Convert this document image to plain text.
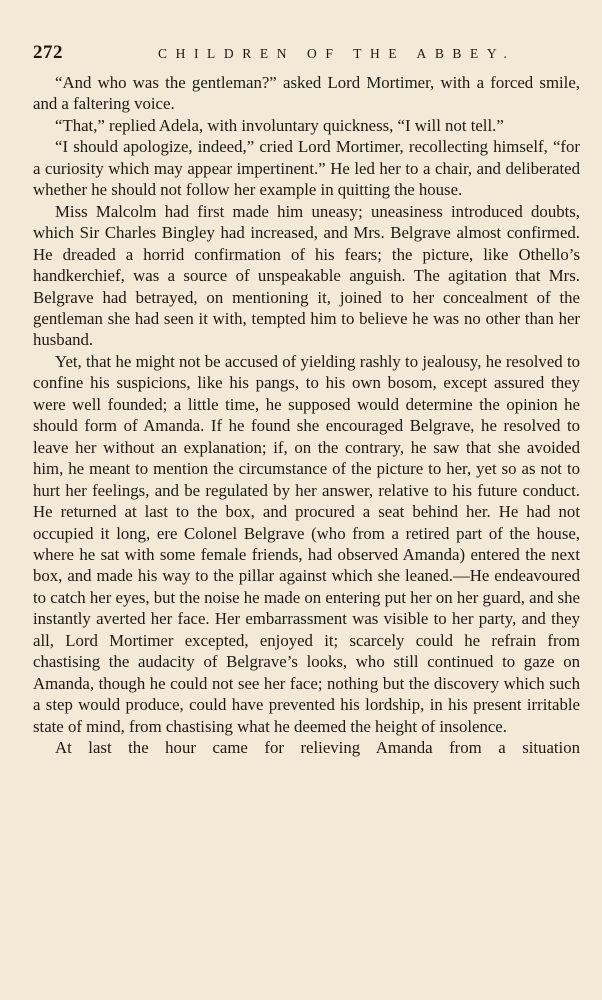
272	CHILDREN OF THE ABBEY.

“And who was the gentleman?” asked Lord Mortimer, with a forced smile, and a faltering voice.

“That,” replied Adela, with involuntary quickness, “I will not tell.”

“I should apologize, indeed,” cried Lord Mortimer, recollecting himself, “for a curiosity which may appear impertinent.” He led her to a chair, and deliberated whether he should not follow her example in quitting the house.

Miss Malcolm had first made him uneasy; uneasiness introduced doubts, which Sir Charles Bingley had increased, and Mrs. Belgrave almost confirmed. He dreaded a horrid confirmation of his fears; the picture, like Othello’s handkerchief, was a source of unspeakable anguish. The agitation that Mrs. Belgrave had betrayed, on mentioning it, joined to her concealment of the gentleman she had seen it with, tempted him to believe he was no other than her husband.

Yet, that he might not be accused of yielding rashly to jealousy, he resolved to confine his suspicions, like his pangs, to his own bosom, except assured they were well founded; a little time, he supposed would determine the opinion he should form of Amanda. If he found she encouraged Belgrave, he resolved to leave her without an explanation; if, on the contrary, he saw that she avoided him, he meant to mention the circumstance of the picture to her, yet so as not to hurt her feelings, and be regulated by her answer, relative to his future conduct. He returned at last to the box, and procured a seat behind her. He had not occupied it long, ere Colonel Belgrave (who from a retired part of the house, where he sat with some female friends, had observed Amanda) entered the next box, and made his way to the pillar against which she leaned.—He endeavoured to catch her eyes, but the noise he made on entering put her on her guard, and she instantly averted her face. Her embarrassment was visible to her party, and they all, Lord Mortimer excepted, enjoyed it; scarcely could he refrain from chastising the audacity of Belgrave’s looks, who still continued to gaze on Amanda, though he could not see her face; nothing but the discovery which such a step would produce, could have prevented his lordship, in his present irritable state of mind, from chastising what he deemed the height of insolence.

At last the hour came for relieving Amanda from a situation
